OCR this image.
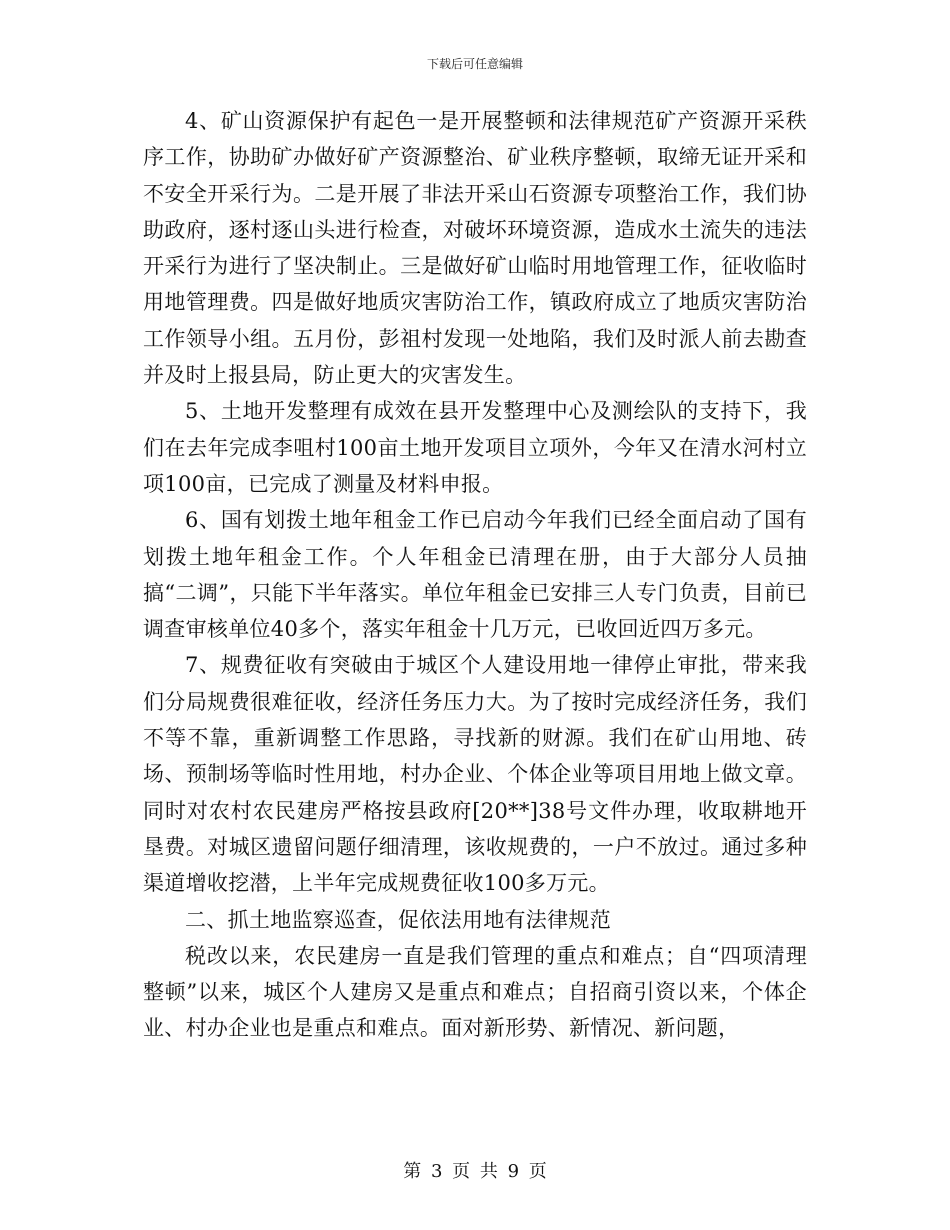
下载后可任意编辑

4、矿山资源保护有起色一是开展整顿和法律规范矿产资源开采秩序工作，协助矿办做好矿产资源整治、矿业秩序整顿，取缔无证开采和不安全开采行为。二是开展了非法开采山石资源专项整治工作，我们协助政府，逐村逐山头进行检查，对破坏环境资源，造成水土流失的违法开采行为进行了坚决制止。三是做好矿山临时用地管理工作，征收临时用地管理费。四是做好地质灾害防治工作，镇政府成立了地质灾害防治工作领导小组。五月份，彭祖村发现一处地陷，我们及时派人前去勘查并及时上报县局，防止更大的灾害发生。

5、土地开发整理有成效在县开发整理中心及测绘队的支持下，我们在去年完成李咀村100亩土地开发项目立项外，今年又在清水河村立项100亩，已完成了测量及材料申报。

6、国有划拨土地年租金工作已启动今年我们已经全面启动了国有划拨土地年租金工作。个人年租金已清理在册，由于大部分人员抽搞“二调”，只能下半年落实。单位年租金已安排三人专门负责，目前已调查审核单位40多个，落实年租金十几万元，已收回近四万多元。

7、规费征收有突破由于城区个人建设用地一律停止审批，带来我们分局规费很难征收，经济任务压力大。为了按时完成经济任务，我们不等不靠，重新调整工作思路，寻找新的财源。我们在矿山用地、砖场、预制场等临时性用地，村办企业、个体企业等项目用地上做文章。同时对农村农民建房严格按县政府[20**]38号文件办理，收取耕地开垦费。对城区遗留问题仔细清理，该收规费的，一户不放过。通过多种渠道增收挖潜，上半年完成规费征收100多万元。

二、抓土地监察巡查，促依法用地有法律规范

税改以来，农民建房一直是我们管理的重点和难点；自“四项清理整顿”以来，城区个人建房又是重点和难点；自招商引资以来，个体企业、村办企业也是重点和难点。面对新形势、新情况、新问题，

第 3 页 共 9 页
